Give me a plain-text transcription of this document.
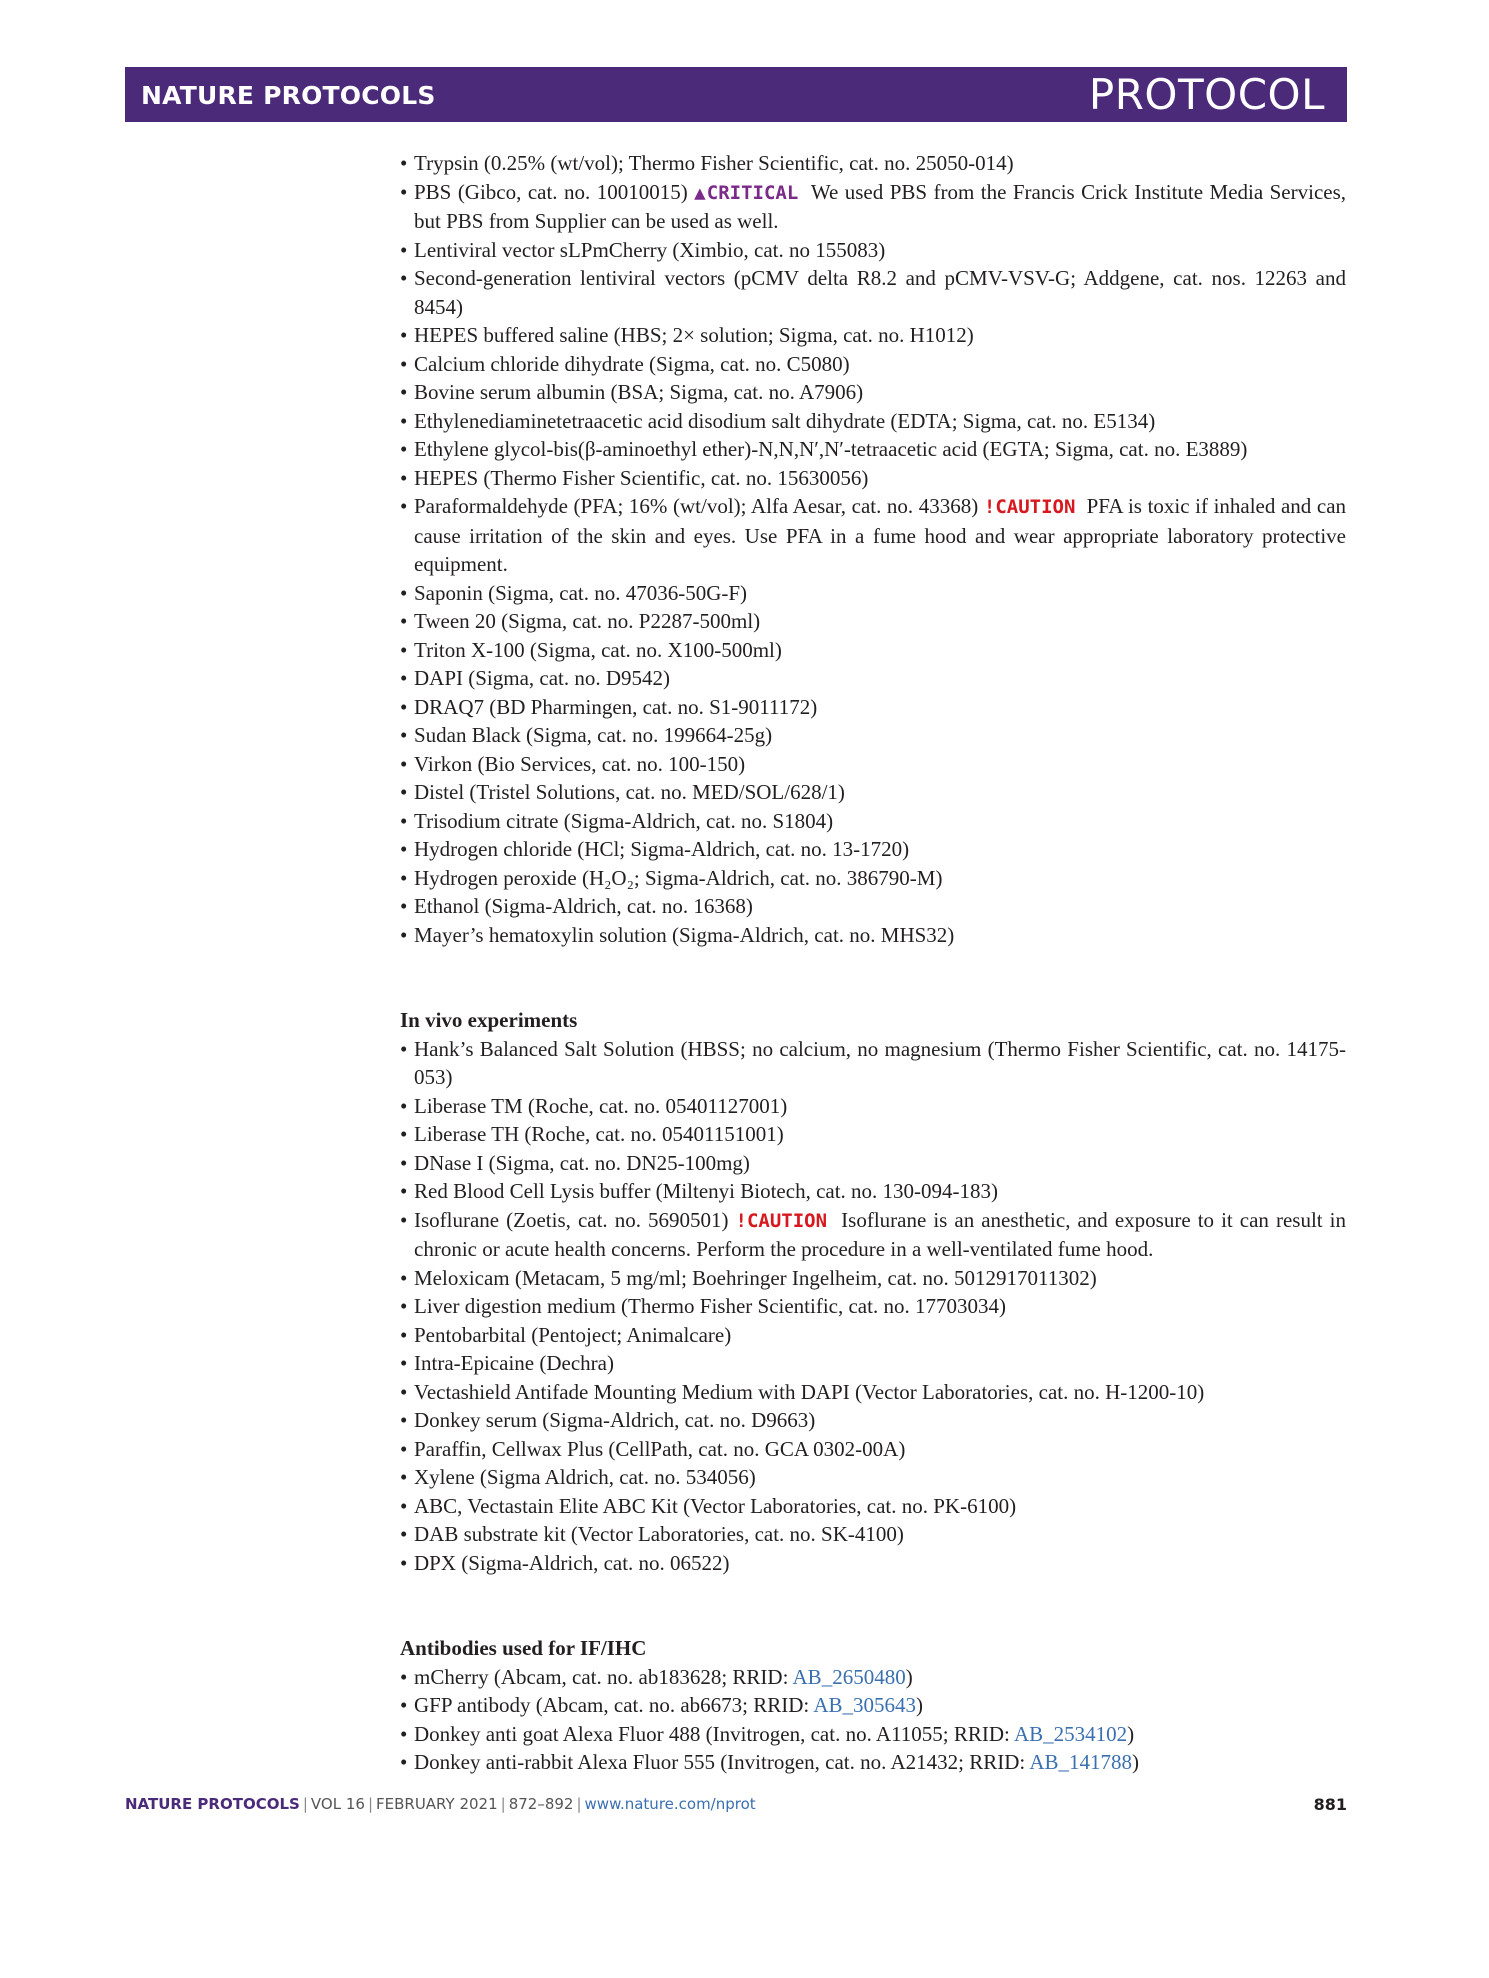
NATURE PROTOCOLS	PROTOCOL
• Trypsin (0.25% (wt/vol); Thermo Fisher Scientific, cat. no. 25050-014)
• PBS (Gibco, cat. no. 10010015) ▲CRITICAL We used PBS from the Francis Crick Institute Media Services, but PBS from Supplier can be used as well.
• Lentiviral vector sLPmCherry (Ximbio, cat. no 155083)
• Second-generation lentiviral vectors (pCMV delta R8.2 and pCMV-VSV-G; Addgene, cat. nos. 12263 and 8454)
• HEPES buffered saline (HBS; 2× solution; Sigma, cat. no. H1012)
• Calcium chloride dihydrate (Sigma, cat. no. C5080)
• Bovine serum albumin (BSA; Sigma, cat. no. A7906)
• Ethylenediaminetetraacetic acid disodium salt dihydrate (EDTA; Sigma, cat. no. E5134)
• Ethylene glycol-bis(β-aminoethyl ether)-N,N,N′,N′-tetraacetic acid (EGTA; Sigma, cat. no. E3889)
• HEPES (Thermo Fisher Scientific, cat. no. 15630056)
• Paraformaldehyde (PFA; 16% (wt/vol); Alfa Aesar, cat. no. 43368) !CAUTION PFA is toxic if inhaled and can cause irritation of the skin and eyes. Use PFA in a fume hood and wear appropriate laboratory protective equipment.
• Saponin (Sigma, cat. no. 47036-50G-F)
• Tween 20 (Sigma, cat. no. P2287-500ml)
• Triton X-100 (Sigma, cat. no. X100-500ml)
• DAPI (Sigma, cat. no. D9542)
• DRAQ7 (BD Pharmingen, cat. no. S1-9011172)
• Sudan Black (Sigma, cat. no. 199664-25g)
• Virkon (Bio Services, cat. no. 100-150)
• Distel (Tristel Solutions, cat. no. MED/SOL/628/1)
• Trisodium citrate (Sigma-Aldrich, cat. no. S1804)
• Hydrogen chloride (HCl; Sigma-Aldrich, cat. no. 13-1720)
• Hydrogen peroxide (H₂O₂; Sigma-Aldrich, cat. no. 386790-M)
• Ethanol (Sigma-Aldrich, cat. no. 16368)
• Mayer’s hematoxylin solution (Sigma-Aldrich, cat. no. MHS32)
In vivo experiments
• Hank’s Balanced Salt Solution (HBSS; no calcium, no magnesium (Thermo Fisher Scientific, cat. no. 14175-053)
• Liberase TM (Roche, cat. no. 05401127001)
• Liberase TH (Roche, cat. no. 05401151001)
• DNase I (Sigma, cat. no. DN25-100mg)
• Red Blood Cell Lysis buffer (Miltenyi Biotech, cat. no. 130-094-183)
• Isoflurane (Zoetis, cat. no. 5690501) !CAUTION Isoflurane is an anesthetic, and exposure to it can result in chronic or acute health concerns. Perform the procedure in a well-ventilated fume hood.
• Meloxicam (Metacam, 5 mg/ml; Boehringer Ingelheim, cat. no. 5012917011302)
• Liver digestion medium (Thermo Fisher Scientific, cat. no. 17703034)
• Pentobarbital (Pentoject; Animalcare)
• Intra-Epicaine (Dechra)
• Vectashield Antifade Mounting Medium with DAPI (Vector Laboratories, cat. no. H-1200-10)
• Donkey serum (Sigma-Aldrich, cat. no. D9663)
• Paraffin, Cellwax Plus (CellPath, cat. no. GCA 0302-00A)
• Xylene (Sigma Aldrich, cat. no. 534056)
• ABC, Vectastain Elite ABC Kit (Vector Laboratories, cat. no. PK-6100)
• DAB substrate kit (Vector Laboratories, cat. no. SK-4100)
• DPX (Sigma-Aldrich, cat. no. 06522)
Antibodies used for IF/IHC
• mCherry (Abcam, cat. no. ab183628; RRID: AB_2650480)
• GFP antibody (Abcam, cat. no. ab6673; RRID: AB_305643)
• Donkey anti goat Alexa Fluor 488 (Invitrogen, cat. no. A11055; RRID: AB_2534102)
• Donkey anti-rabbit Alexa Fluor 555 (Invitrogen, cat. no. A21432; RRID: AB_141788)
NATURE PROTOCOLS | VOL 16 | FEBRUARY 2021 | 872–892 | www.nature.com/nprot	881
